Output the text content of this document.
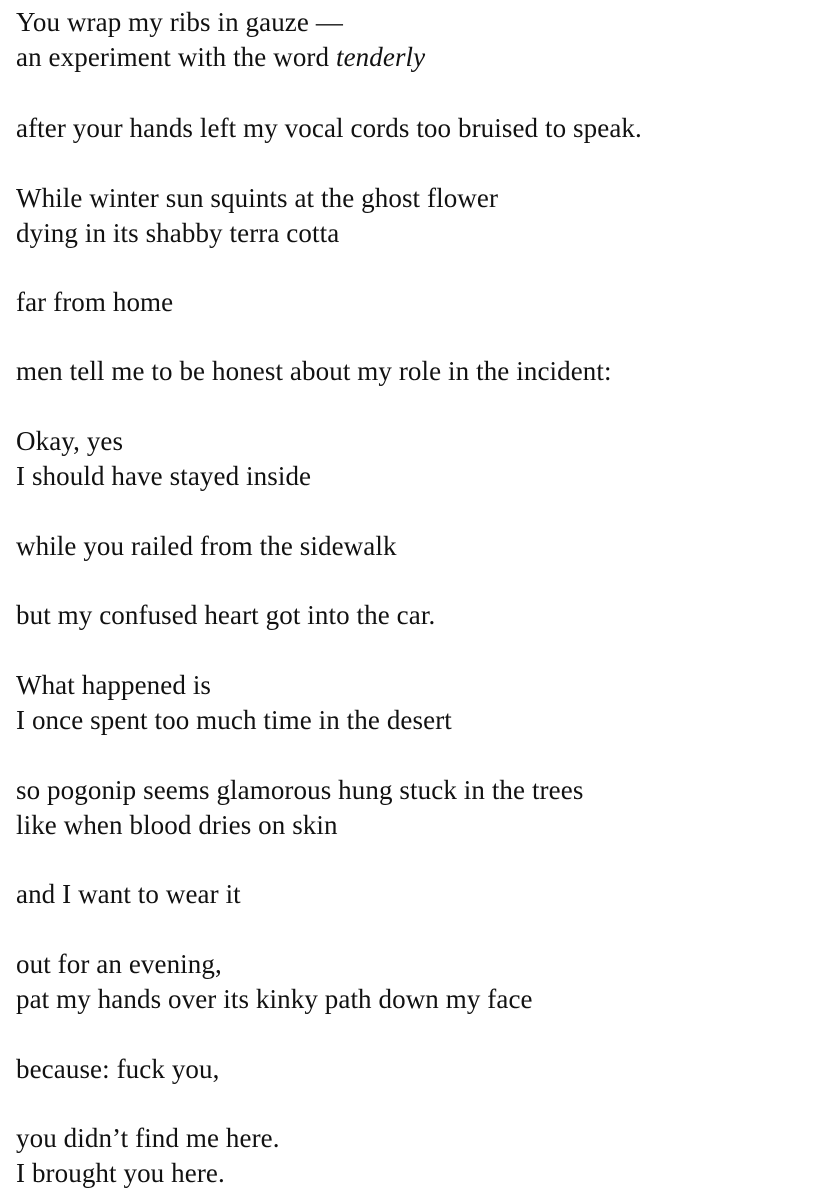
You wrap my ribs in gauze —
an experiment with the word tenderly
after your hands left my vocal cords too bruised to speak.
While winter sun squints at the ghost flower
dying in its shabby terra cotta
far from home
men tell me to be honest about my role in the incident:
Okay, yes
I should have stayed inside
while you railed from the sidewalk
but my confused heart got into the car.
What happened is
I once spent too much time in the desert
so pogonip seems glamorous hung stuck in the trees
like when blood dries on skin
and I want to wear it
out for an evening,
pat my hands over its kinky path down my face
because: fuck you,
you didn’t find me here.
I brought you here.
